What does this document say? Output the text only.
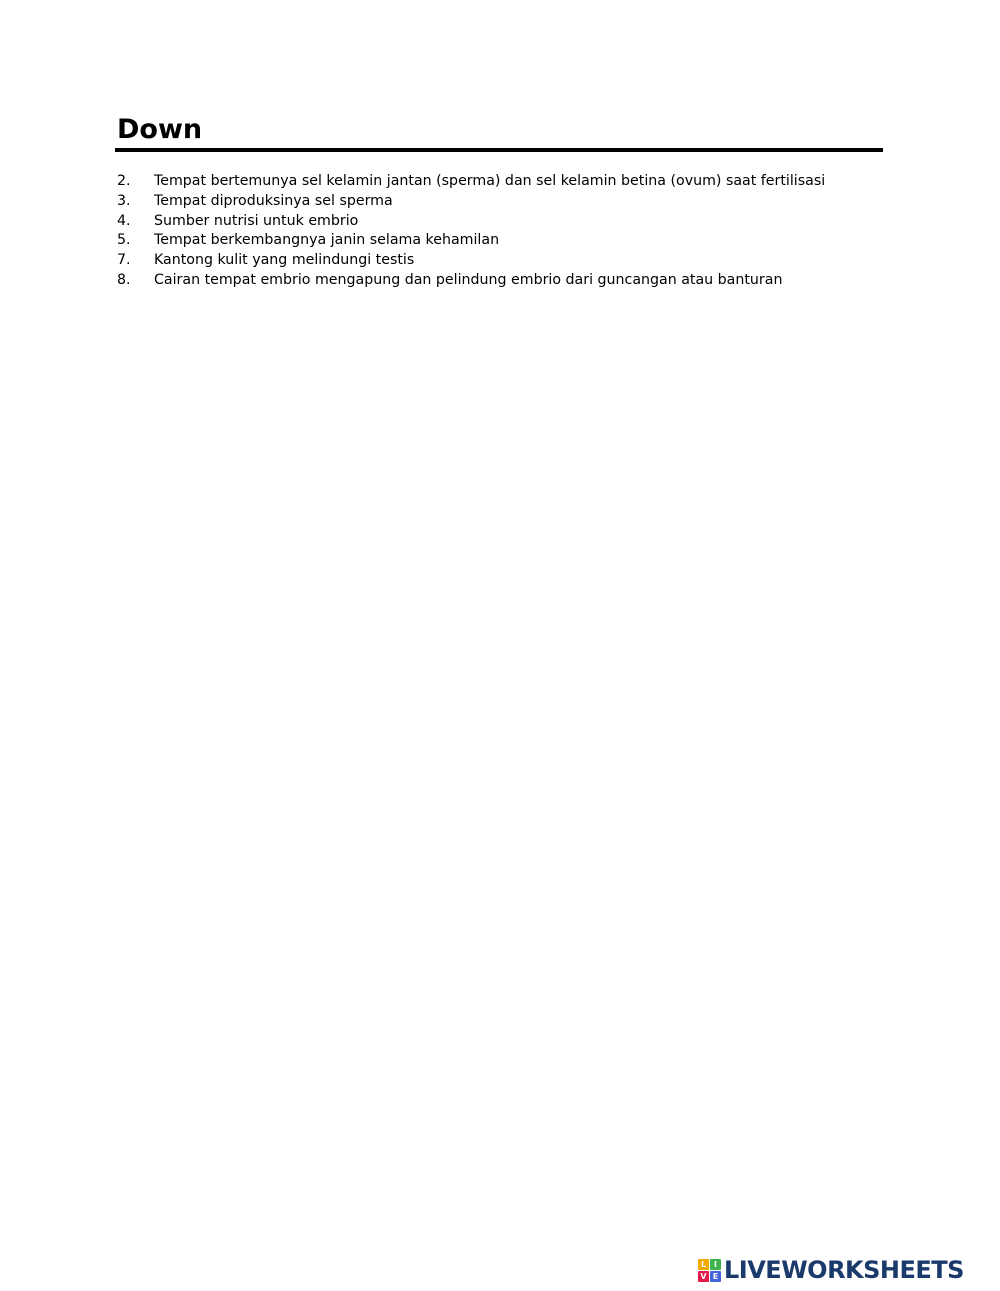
Down
2.	Tempat bertemunya sel kelamin jantan (sperma) dan sel kelamin betina (ovum) saat fertilisasi
3.	Tempat diproduksinya sel sperma
4.	Sumber nutrisi untuk embrio
5.	Tempat berkembangnya janin selama kehamilan
7.	Kantong kulit yang melindungi testis
8.	Cairan tempat embrio mengapung dan pelindung embrio dari guncangan atau banturan
L I
V E LIVEWORKSHEETS
